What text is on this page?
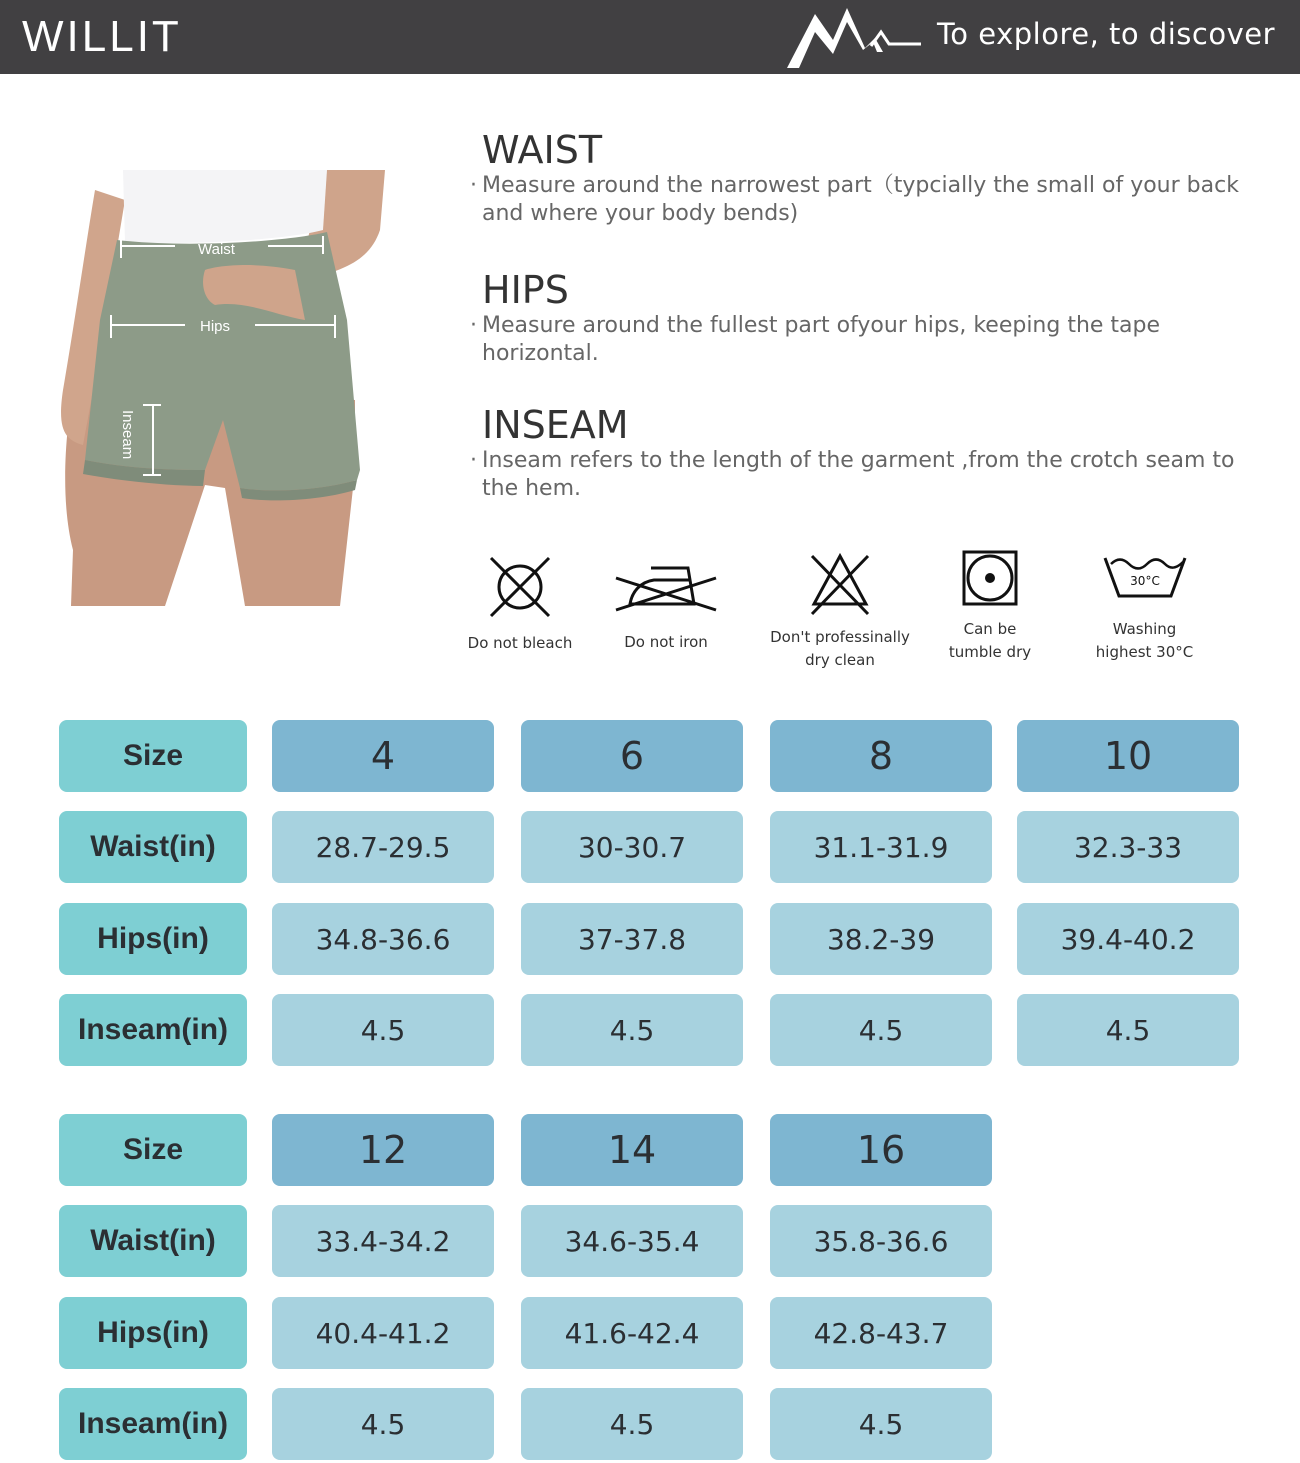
WILLIT	To explore, to discover
Waist
Hips
Inseam
WAIST

· Measure around the narrowest part（typcially the small of your back
and where your body bends)

HIPS

· Measure around the fullest part ofyour hips, keeping the tape
horizontal.

INSEAM

· Inseam refers to the length of the garment ,from the crotch seam to
the hem.

Do not bleach	Do not iron	Don't professinally
dry clean
Can be
tumble dry
30°C
Washing
highest 30°C
Size	4	6	8	10
Waist(in)	28.7-29.5	30-30.7	31.1-31.9	32.3-33
Hips(in)	34.8-36.6	37-37.8	38.2-39	39.4-40.2
Inseam(in)	4.5	4.5	4.5	4.5
Size	12	14	16
Waist(in)	33.4-34.2	34.6-35.4	35.8-36.6
Hips(in)	40.4-41.2	41.6-42.4	42.8-43.7
Inseam(in)	4.5	4.5	4.5
